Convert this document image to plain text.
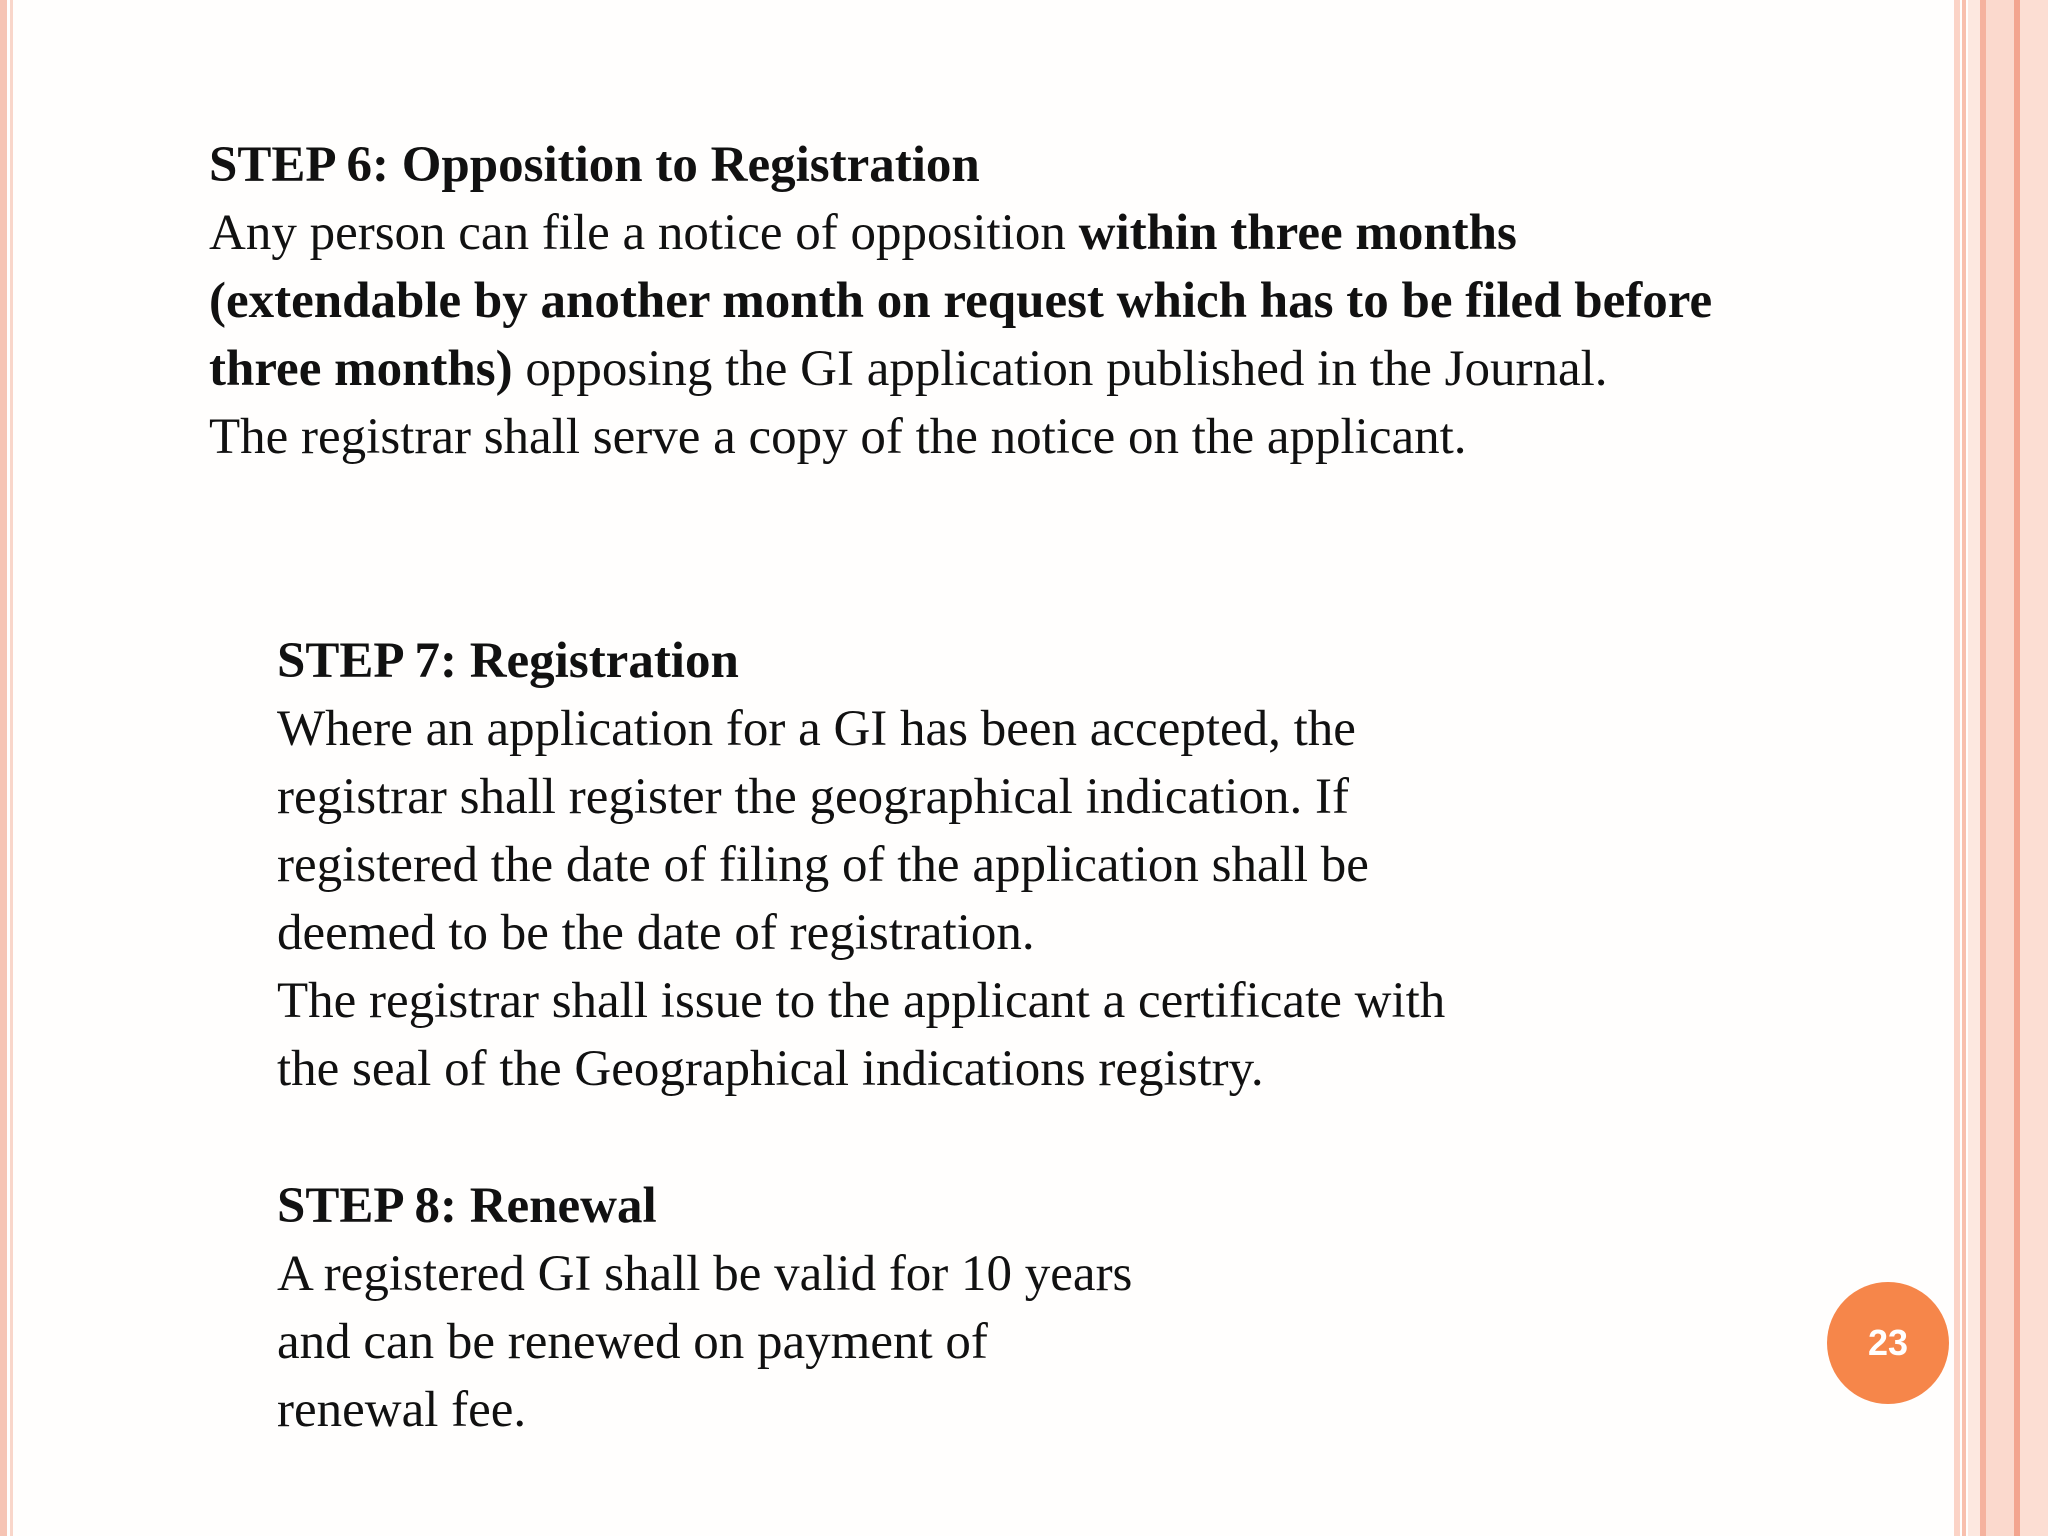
STEP 6: Opposition to Registration

Any person can file a notice of opposition within three months (extendable by another month on request which has to be filed before three months) opposing the GI application published in the Journal.

The registrar shall serve a copy of the notice on the applicant.

STEP 7: Registration

Where an application for a GI has been accepted, the

registrar shall register the geographical indication. If

registered the date of filing of the application shall be

deemed to be the date of registration.

The registrar shall issue to the applicant a certificate with

the seal of the Geographical indications registry.

STEP 8: Renewal

A registered GI shall be valid for 10 years

and can be renewed on payment of

renewal fee.

23
